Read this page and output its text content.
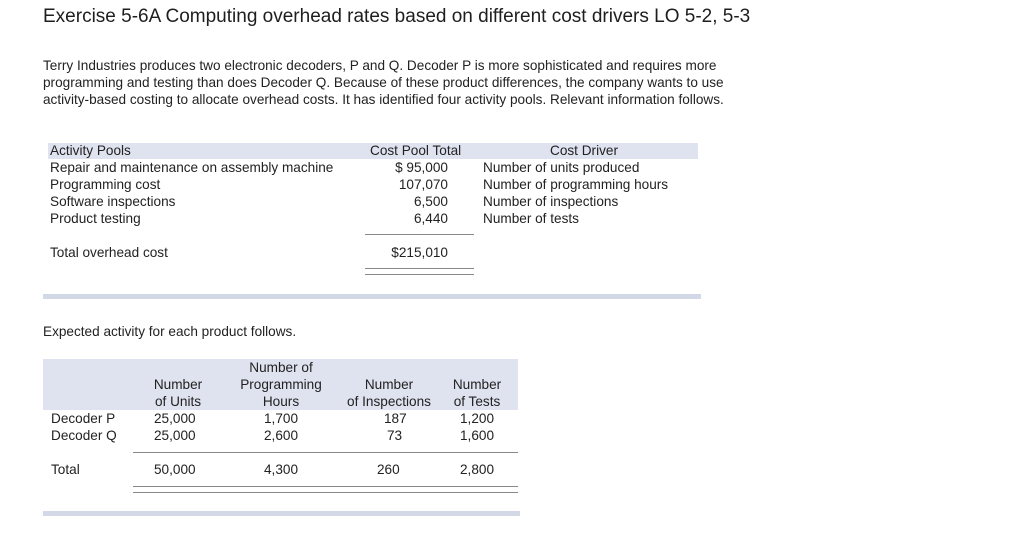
Exercise 5-6A Computing overhead rates based on different cost drivers LO 5-2, 5-3

Terry Industries produces two electronic decoders, P and Q. Decoder P is more sophisticated and requires more programming and testing than does Decoder Q. Because of these product differences, the company wants to use activity-based costing to allocate overhead costs. It has identified four activity pools. Relevant information follows.

Activity Pools	Cost Pool Total	Cost Driver
Repair and maintenance on assembly machine	$ 95,000	Number of units produced
Programming cost	107,070	Number of programming hours
Software inspections	6,500	Number of inspections
Product testing	6,440	Number of tests
Total overhead cost	$215,010

Expected activity for each product follows.

Number
of Units
Number of
Programming
Hours
Number
of Inspections
Number
of Tests
Decoder P	25,000	1,700	187	1,200
Decoder Q	25,000	2,600	73	1,600
Total	50,000	4,300	260	2,800
